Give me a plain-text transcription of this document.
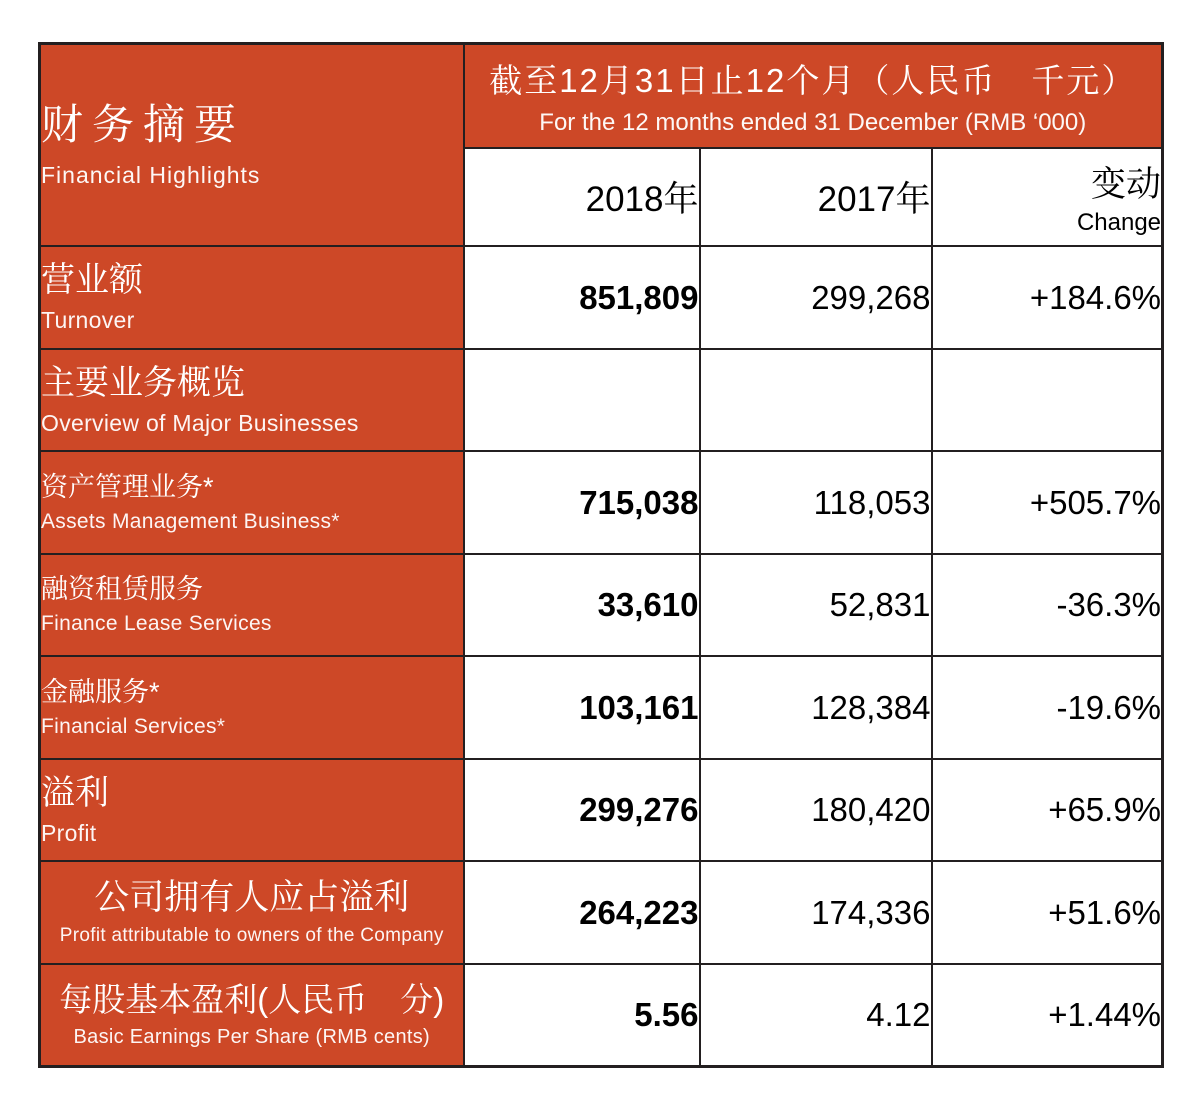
财务摘要
Financial Highlights

截至12月31日止12个月（人民币　千元）
For the 12 months ended 31 December (RMB ‘000)

	2018年	2017年	变动
Change

营业额
Turnover	851,809	299,268	+184.6%

主要业务概览
Overview of Major Businesses			

资产管理业务*
Assets Management Business*	715,038	118,053	+505.7%

融资租赁服务
Finance Lease Services	33,610	52,831	-36.3%

金融服务*
Financial Services*	103,161	128,384	-19.6%

溢利
Profit	299,276	180,420	+65.9%

公司拥有人应占溢利
Profit attributable to owners of the Company	264,223	174,336	+51.6%

每股基本盈利(人民币　分)
Basic Earnings Per Share (RMB cents)	5.56	4.12	+1.44%
